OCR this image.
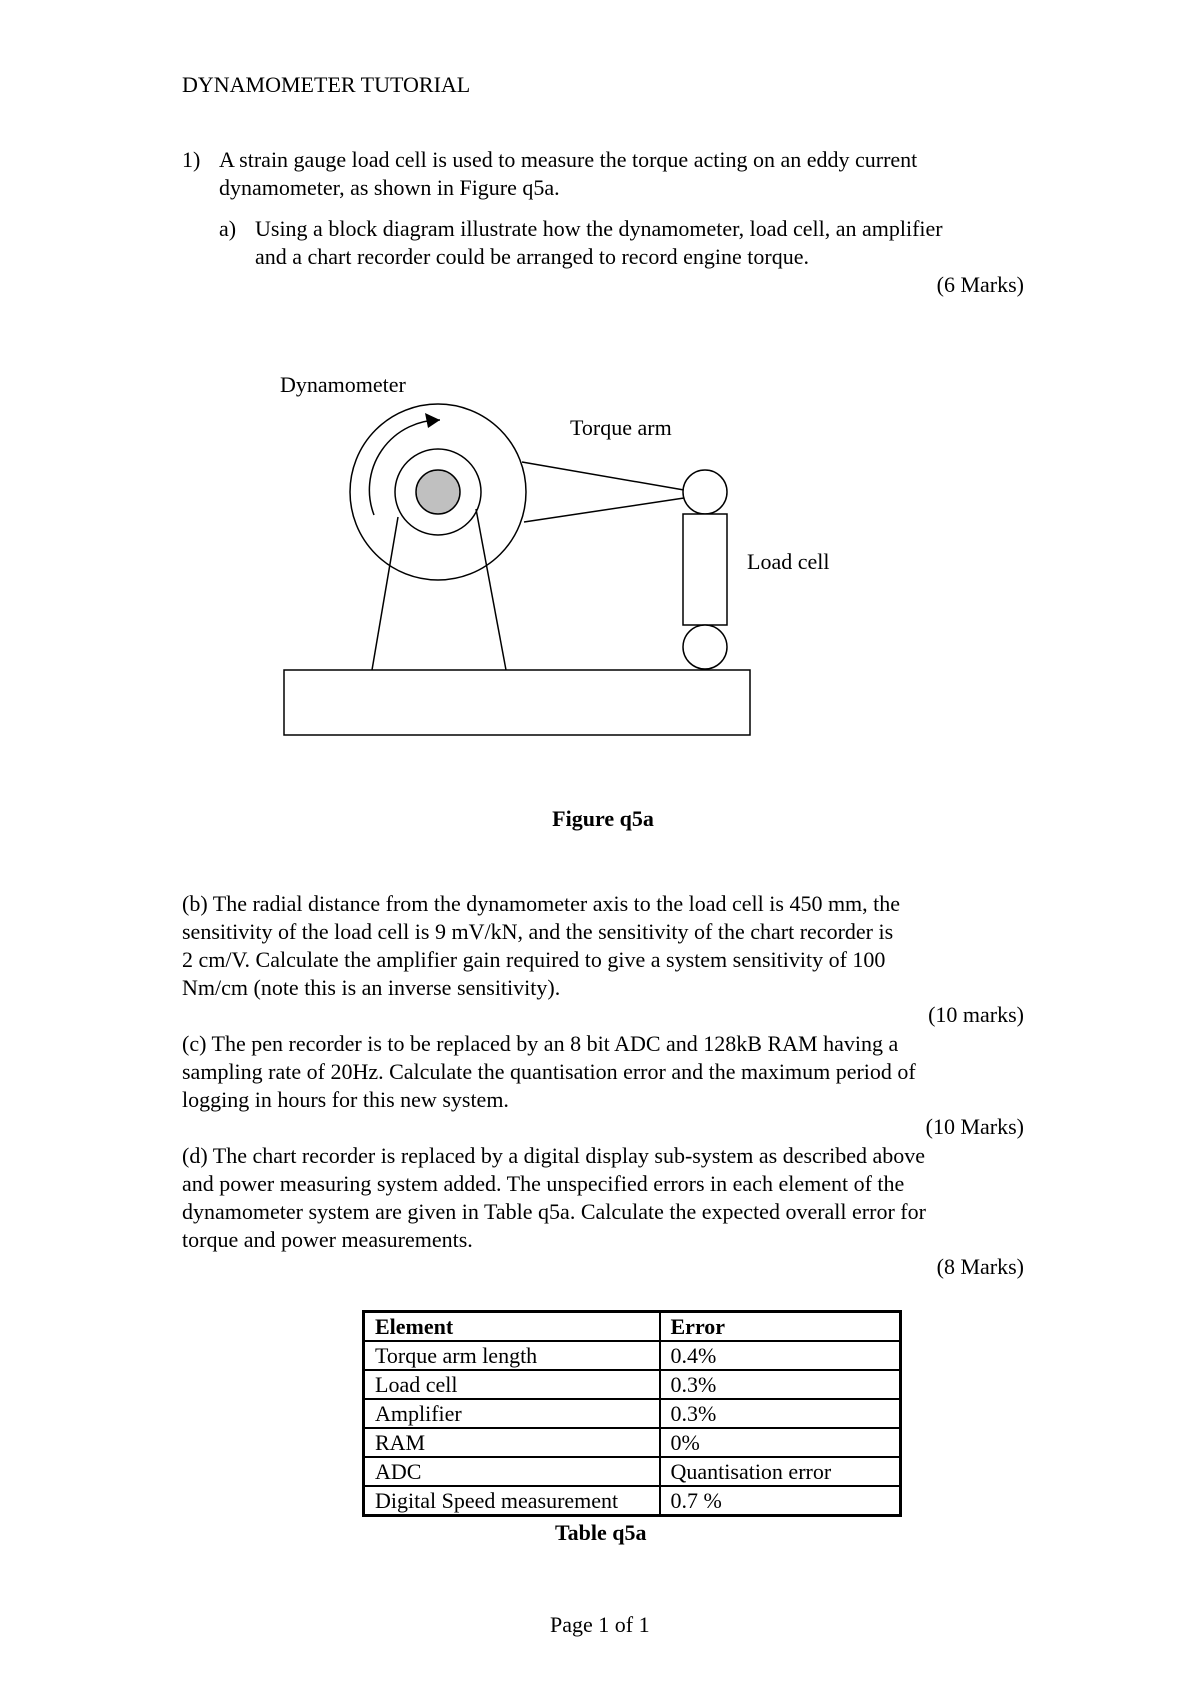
DYNAMOMETER TUTORIAL
1) A strain gauge load cell is used to measure the torque acting on an eddy current
dynamometer, as shown in Figure q5a.
a) Using a block diagram illustrate how the dynamometer, load cell, an amplifier
and a chart recorder could be arranged to record engine torque.
(6 Marks)
Dynamometer
Torque arm
Load cell
Figure q5a
(b) The radial distance from the dynamometer axis to the load cell is 450 mm, the
sensitivity of the load cell is 9 mV/kN, and the sensitivity of the chart recorder is
2 cm/V. Calculate the amplifier gain required to give a system sensitivity of 100
Nm/cm (note this is an inverse sensitivity).
(10 marks)
(c) The pen recorder is to be replaced by an 8 bit ADC and 128kB RAM having a
sampling rate of 20Hz. Calculate the quantisation error and the maximum period of
logging in hours for this new system.
(10 Marks)
(d) The chart recorder is replaced by a digital display sub-system as described above
and power measuring system added. The unspecified errors in each element of the
dynamometer system are given in Table q5a. Calculate the expected overall error for
torque and power measurements.
(8 Marks)
Element	Error
Torque arm length	0.4%
Load cell	0.3%
Amplifier	0.3%
RAM	0%
ADC	Quantisation error
Digital Speed measurement	0.7 %
Table q5a
Page 1 of 1
